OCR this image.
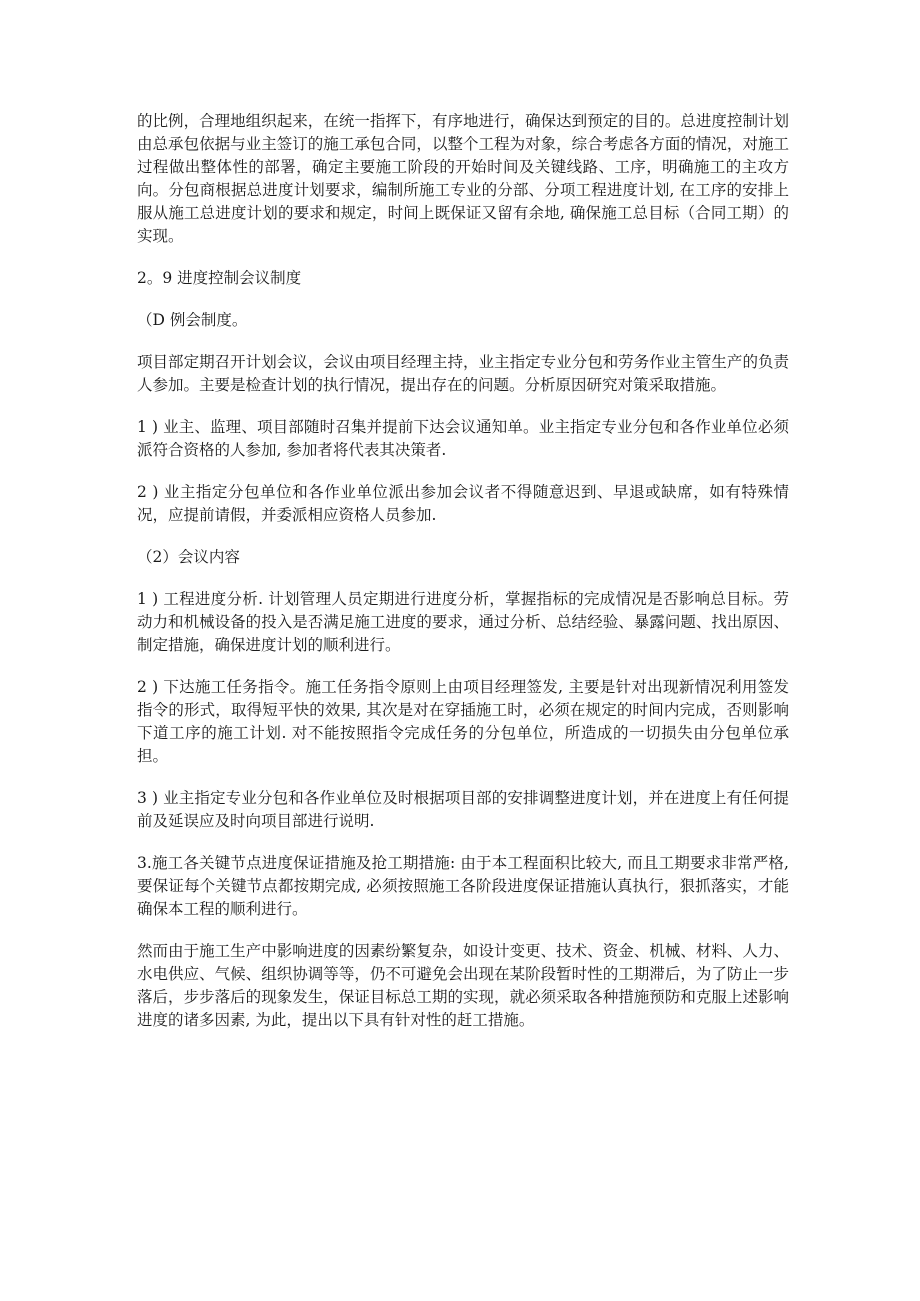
的比例，合理地组织起来，在统一指挥下，有序地进行，确保达到预定的目的。总进度控制计划由总承包依据与业主签订的施工承包合同，以整个工程为对象，综合考虑各方面的情况，对施工过程做出整体性的部署，确定主要施工阶段的开始时间及关键线路、工序，明确施工的主攻方向。分包商根据总进度计划要求，编制所施工专业的分部、分项工程进度计划, 在工序的安排上服从施工总进度计划的要求和规定，时间上既保证又留有余地, 确保施工总目标（合同工期）的实现。

2。9 进度控制会议制度

（D 例会制度。

项目部定期召开计划会议，会议由项目经理主持，业主指定专业分包和劳务作业主管生产的负责人参加。主要是检查计划的执行情况，提出存在的问题。分析原因研究对策采取措施。

1 ) 业主、监理、项目部随时召集并提前下达会议通知单。业主指定专业分包和各作业单位必须派符合资格的人参加, 参加者将代表其决策者.

2 ) 业主指定分包单位和各作业单位派出参加会议者不得随意迟到、早退或缺席，如有特殊情况，应提前请假，并委派相应资格人员参加.

（2）会议内容

1 ) 工程进度分析. 计划管理人员定期进行进度分析，掌握指标的完成情况是否影响总目标。劳动力和机械设备的投入是否满足施工进度的要求，通过分析、总结经验、暴露问题、找出原因、制定措施，确保进度计划的顺利进行。

2 ) 下达施工任务指令。施工任务指令原则上由项目经理签发, 主要是针对出现新情况利用签发指令的形式，取得短平快的效果, 其次是对在穿插施工时，必须在规定的时间内完成，否则影响下道工序的施工计划. 对不能按照指令完成任务的分包单位，所造成的一切损失由分包单位承担。

3 ) 业主指定专业分包和各作业单位及时根据项目部的安排调整进度计划，并在进度上有任何提前及延误应及时向项目部进行说明.

3.施工各关键节点进度保证措施及抢工期措施: 由于本工程面积比较大, 而且工期要求非常严格, 要保证每个关键节点都按期完成, 必须按照施工各阶段进度保证措施认真执行，狠抓落实，才能确保本工程的顺利进行。

然而由于施工生产中影响进度的因素纷繁复杂，如设计变更、技术、资金、机械、材料、人力、水电供应、气候、组织协调等等，仍不可避免会出现在某阶段暂时性的工期滞后，为了防止一步落后，步步落后的现象发生，保证目标总工期的实现，就必须采取各种措施预防和克服上述影响进度的诸多因素, 为此，提出以下具有针对性的赶工措施。
